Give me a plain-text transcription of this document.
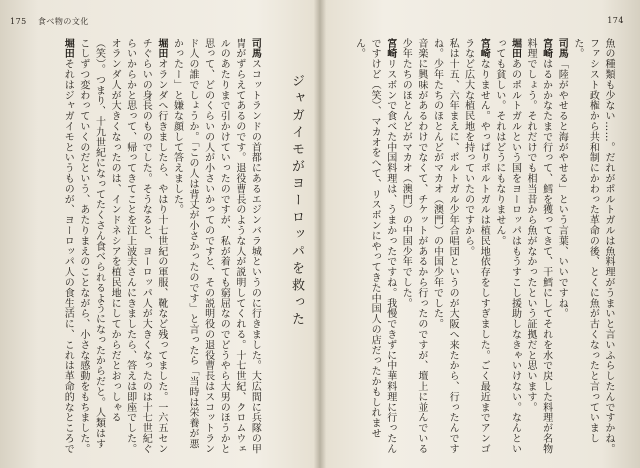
175 食べ物の文化
ジャガイモがヨーロッパを救った
司馬スコットランドの首都にあるエジンバラ城というのに行きました。大広間に兵隊の甲冑がずらえてあるのです。退役曹長のような人が説明してくれる。十七世紀、クロムウェルのあたりまで引かけていったのですが、私が着ても窮屈なのでどうやら大男のほうかと思って、どのくらいの人が小さいかってのですと、その説明役の退役曹長はスコットランド人の誰でしょうか。「この人は背丈が小さかったのです」と言ったら「当時は栄養が悪かったー」と嫌な顔して答えました。
堀田オランダへ行きましたら、やはり十七世紀の軍服、靴など残ってました。一六五センチぐらいの身長のものでした。そうなると、ヨーロッパ人が大きくなったのは十七世紀ぐらいからかと思って、帰ってきてことを江上波夫さんにきましたら、答えは即座でした。オランダ人が大きくなったのは、インドネシアを植民地にしてからだとおっしゃる（笑）。つまり、十九世紀になってたくさん食べられるようになったからだと。人類はすこしずつ変わっていくのだという、あたりまえのことながら、小さな感動をもちました。
堀田それはジャガイモというものが、ヨーロッパ人の食生活に、これは革命的なところで
174
魚の種類も少ない……。だれがポルトガルは魚料理がうまいと言いふらしたんですかね。ファシスト政権から共和制にかわった革命の後、とくに魚が古くなったと言っていました。
司馬「陸がやせると海がやせる」という言葉、いいですね。
宮崎はるかかなたまで行って、鱈を獲ってきて、干鱈にしてそれを水で戻した料理が名物料理でしょう。それだけでも相当昔から魚がなかったという証拠だと思います。
堀田あのポルトガルという国をヨーロッパはもうすこし援助しなきゃいけない。なんといっても貧しい。それはどうにもなりません。
宮崎なりません。やっぱりポルトガルは植民地依存をしすぎました。ごく最近までアンゴラなど広大な植民地を持っていたのですから。
私は十五、六年まえに、ポルトガル少年合唱団というのが大阪へ来たから、行ったんですね。少年たちのほとんどがマカオ（澳門）の中国少年でした。
音楽に興味があるわけでなくて、チケットがあるから行ったのですが、壇上に並んでいる少年たちのほとんどがマカオ（澳門）の中国少年でした。
宮崎リスボンで食べた中国料理は、うまかったですね。我慢できずに中華料理に行ったんですけど（笑）、マカオをへて、リスボンにやってきた中国人の店だったかもしれません。
